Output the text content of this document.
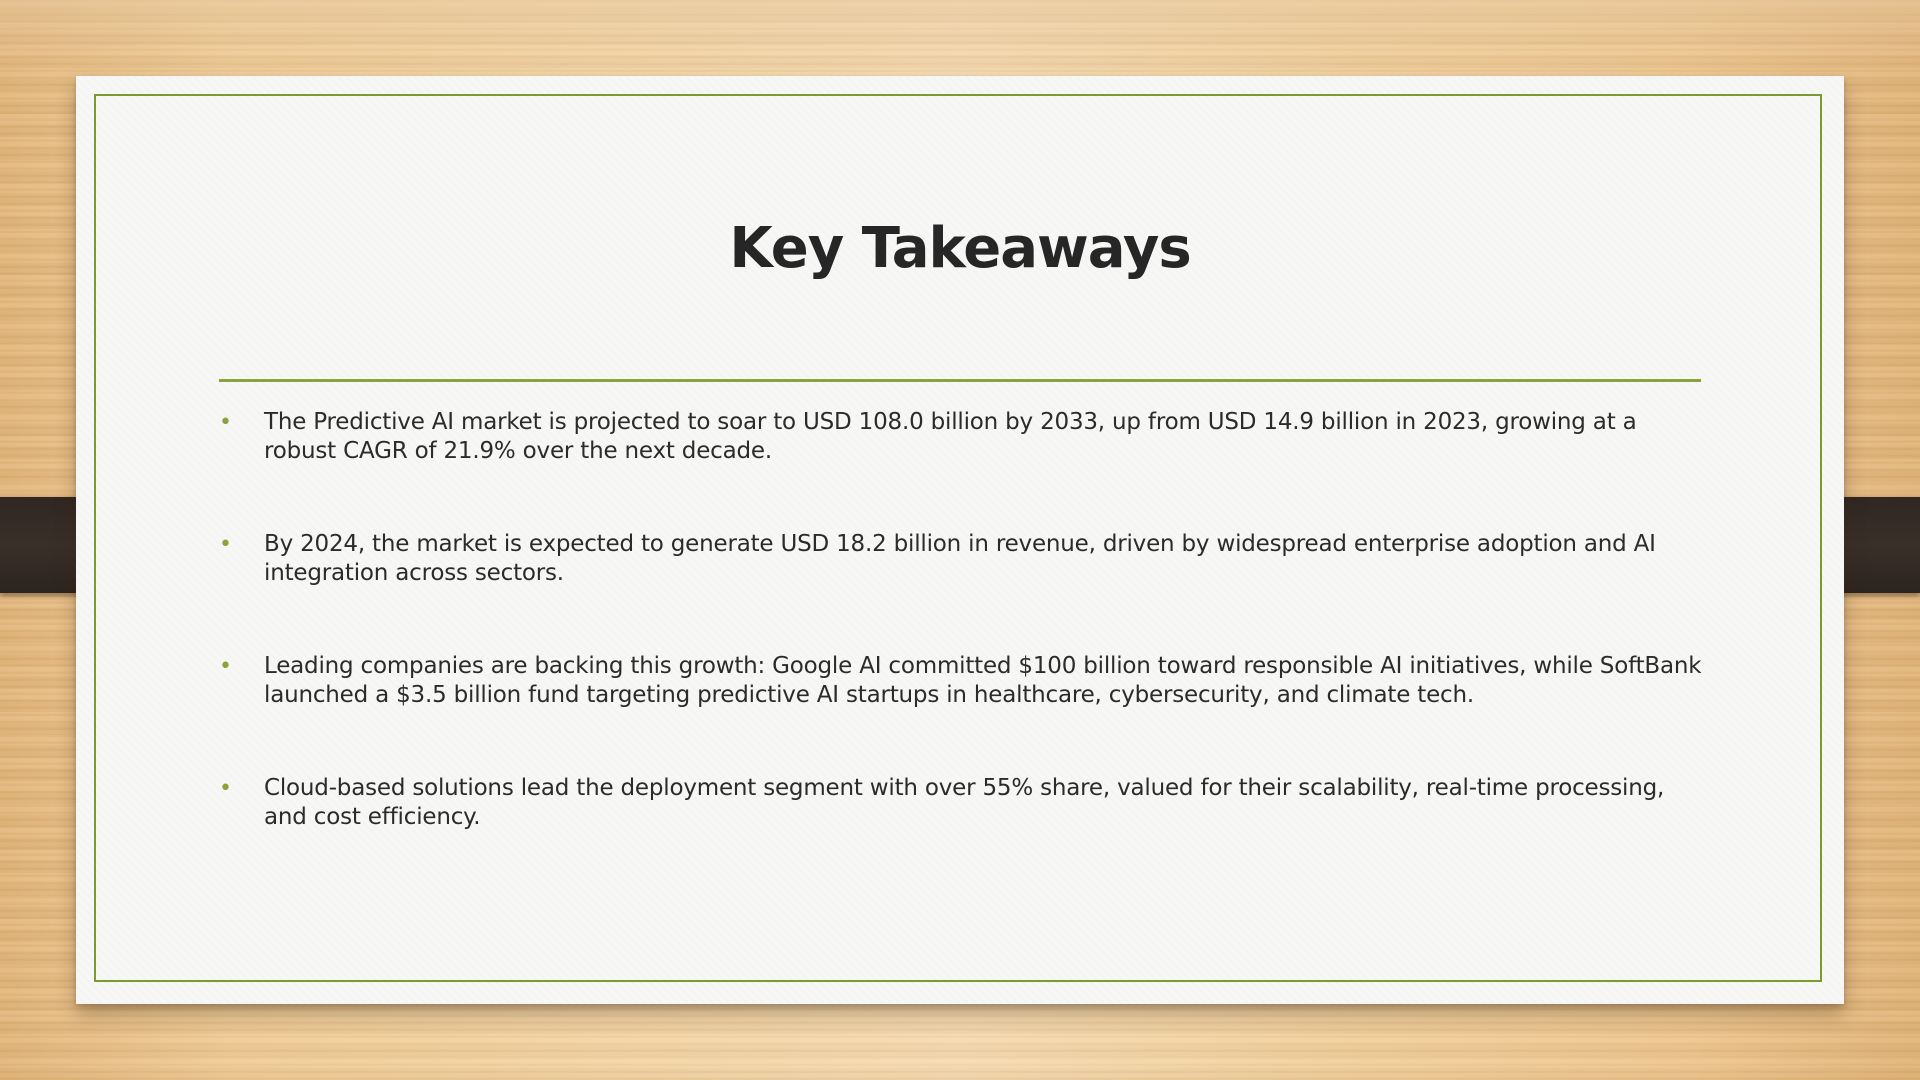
Key Takeaways
• The Predictive AI market is projected to soar to USD 108.0 billion by 2033, up from USD 14.9 billion in 2023, growing at a robust CAGR of 21.9% over the next decade.
• By 2024, the market is expected to generate USD 18.2 billion in revenue, driven by widespread enterprise adoption and AI integration across sectors.
• Leading companies are backing this growth: Google AI committed $100 billion toward responsible AI initiatives, while SoftBank launched a $3.5 billion fund targeting predictive AI startups in healthcare, cybersecurity, and climate tech.
• Cloud-based solutions lead the deployment segment with over 55% share, valued for their scalability, real-time processing, and cost efficiency.
